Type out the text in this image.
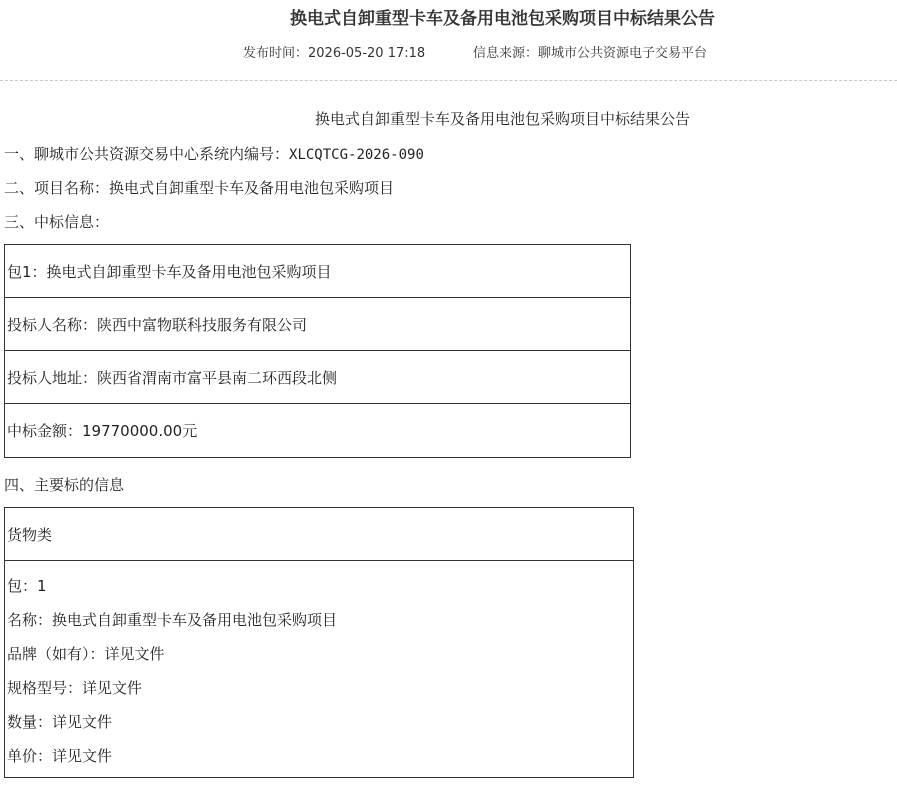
换电式自卸重型卡车及备用电池包采购项目中标结果公告
发布时间：2026-05-20 17:18	信息来源：聊城市公共资源电子交易平台
换电式自卸重型卡车及备用电池包采购项目中标结果公告
一、聊城市公共资源交易中心系统内编号：XLCQTCG-2026-090
二、项目名称：换电式自卸重型卡车及备用电池包采购项目
三、中标信息：
包1：换电式自卸重型卡车及备用电池包采购项目
投标人名称：陕西中富物联科技服务有限公司
投标人地址：陕西省渭南市富平县南二环西段北侧
中标金额：19770000.00元
四、主要标的信息
货物类
包：1
名称：换电式自卸重型卡车及备用电池包采购项目
品牌（如有）：详见文件
规格型号：详见文件
数量：详见文件
单价：详见文件
